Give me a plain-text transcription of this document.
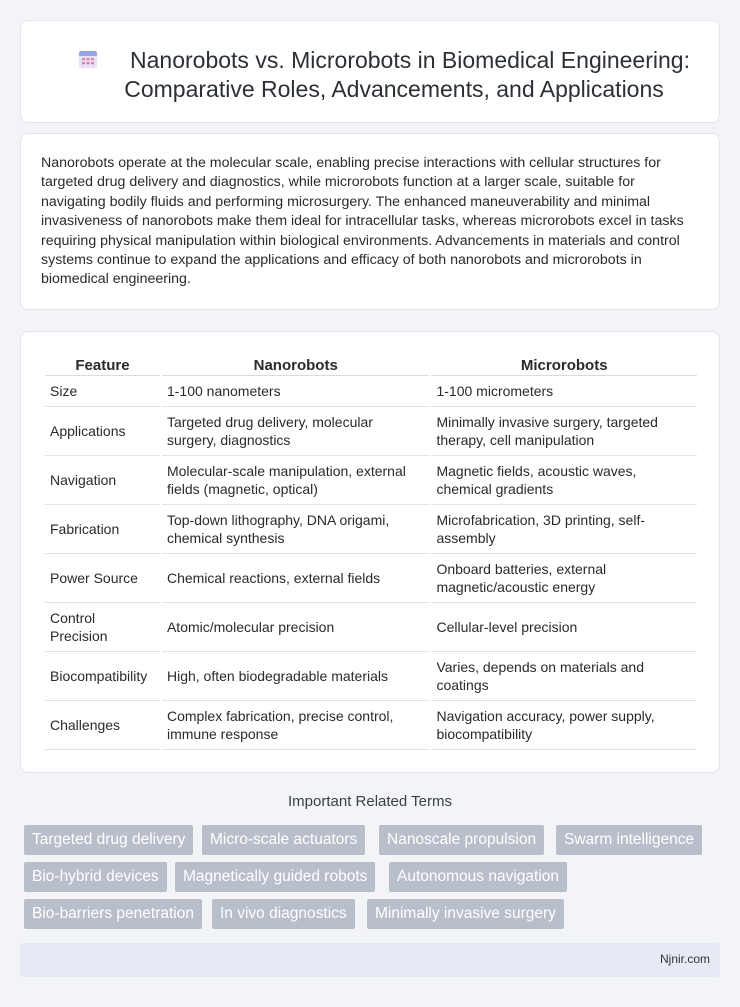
Nanorobots vs. Microrobots in Biomedical Engineering: Comparative Roles, Advancements, and Applications

Nanorobots operate at the molecular scale, enabling precise interactions with cellular structures for targeted drug delivery and diagnostics, while microrobots function at a larger scale, suitable for navigating bodily fluids and performing microsurgery. The enhanced maneuverability and minimal invasiveness of nanorobots make them ideal for intracellular tasks, whereas microrobots excel in tasks requiring physical manipulation within biological environments. Advancements in materials and control systems continue to expand the applications and efficacy of both nanorobots and microrobots in biomedical engineering.

Feature	Nanorobots	Microrobots
Size	1-100 nanometers	1-100 micrometers
Applications	Targeted drug delivery, molecular surgery, diagnostics	Minimally invasive surgery, targeted therapy, cell manipulation
Navigation	Molecular-scale manipulation, external fields (magnetic, optical)	Magnetic fields, acoustic waves, chemical gradients
Fabrication	Top-down lithography, DNA origami, chemical synthesis	Microfabrication, 3D printing, self-assembly
Power Source	Chemical reactions, external fields	Onboard batteries, external magnetic/acoustic energy
Control Precision	Atomic/molecular precision	Cellular-level precision
Biocompatibility	High, often biodegradable materials	Varies, depends on materials and coatings
Challenges	Complex fabrication, precise control, immune response	Navigation accuracy, power supply, biocompatibility
Important Related Terms
Targeted drug delivery	Micro-scale actuators	Nanoscale propulsion	Swarm intelligence
Bio-hybrid devices	Magnetically guided robots	Autonomous navigation
Bio-barriers penetration	In vivo diagnostics	Minimally invasive surgery
Njnir.com
